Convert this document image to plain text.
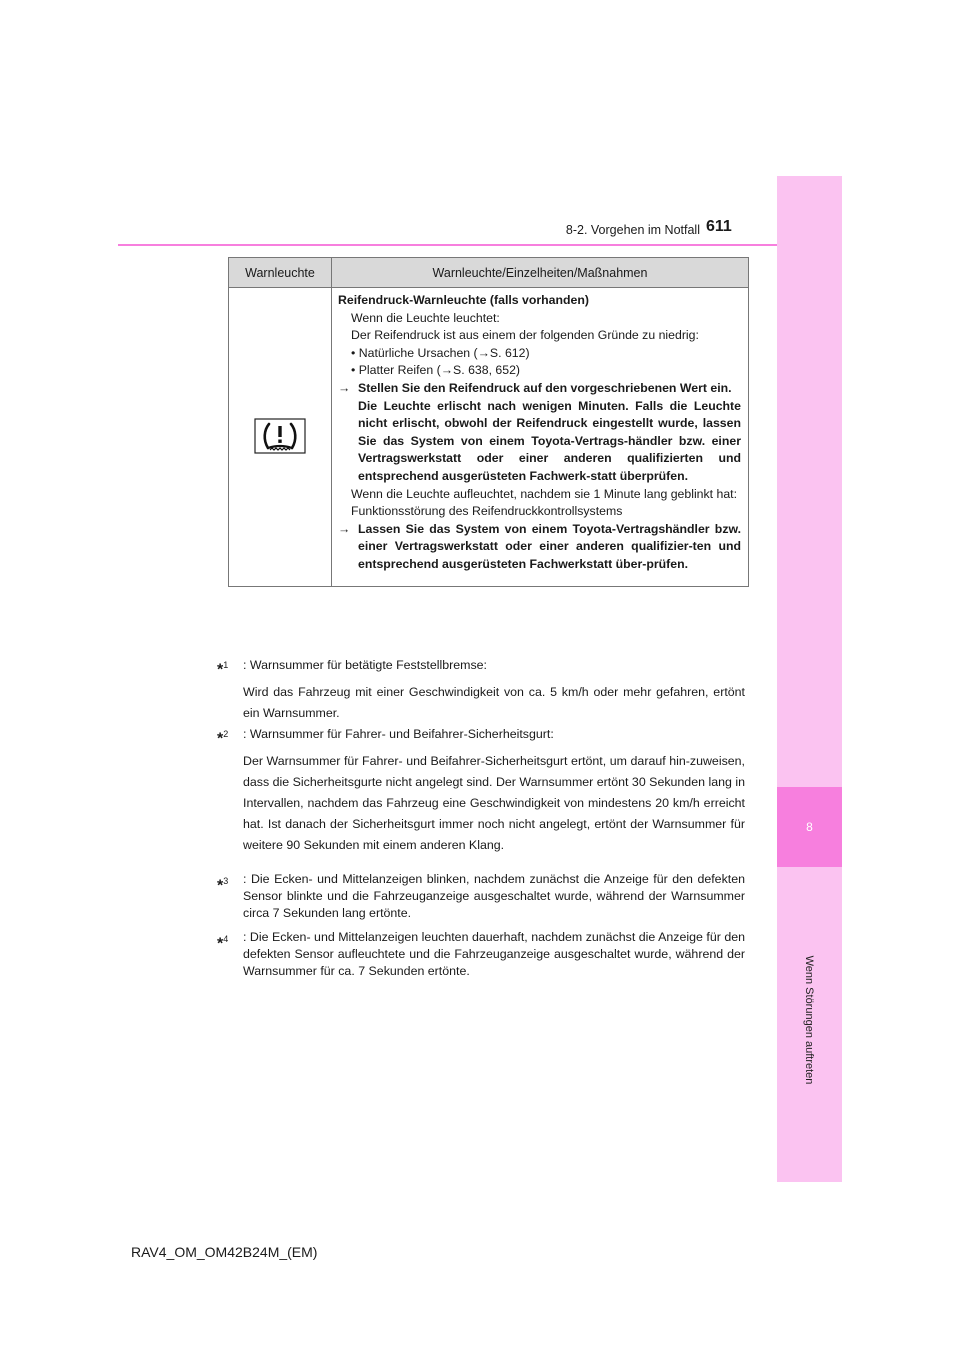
8
Wenn Störungen auftreten
8-2. Vorgehen im Notfall 611
Warnleuchte	Warnleuchte/Einzelheiten/Maßnahmen

Reifendruck-Warnleuchte (falls vorhanden)
Wenn die Leuchte leuchtet:
Der Reifendruck ist aus einem der folgenden Gründe zu niedrig:
• Natürliche Ursachen (→S. 612)
• Platter Reifen (→S. 638, 652)
→ Stellen Sie den Reifendruck auf den vorgeschriebenen Wert ein.
Die Leuchte erlischt nach wenigen Minuten. Falls die Leuchte nicht erlischt, obwohl der Reifendruck eingestellt wurde, lassen Sie das System von einem Toyota-Vertrags-händler bzw. einer Vertragswerkstatt oder einer anderen qualifizierten und entsprechend ausgerüsteten Fachwerk-statt überprüfen.
Wenn die Leuchte aufleuchtet, nachdem sie 1 Minute lang geblinkt hat:
Funktionsstörung des Reifendruckkontrollsystems
→ Lassen Sie das System von einem Toyota-Vertragshändler bzw. einer Vertragswerkstatt oder einer anderen qualifizier-ten und entsprechend ausgerüsteten Fachwerkstatt über-prüfen.
*$^1$	: Warnsummer für betätigte Feststellbremse:
Wird das Fahrzeug mit einer Geschwindigkeit von ca. 5 km/h oder mehr gefahren, ertönt ein Warnsummer.
*$^2$	: Warnsummer für Fahrer- und Beifahrer-Sicherheitsgurt:
Der Warnsummer für Fahrer- und Beifahrer-Sicherheitsgurt ertönt, um darauf hin-zuweisen, dass die Sicherheitsgurte nicht angelegt sind. Der Warnsummer ertönt 30 Sekunden lang in Intervallen, nachdem das Fahrzeug eine Geschwindigkeit von mindestens 20 km/h erreicht hat. Ist danach der Sicherheitsgurt immer noch nicht angelegt, ertönt der Warnsummer für weitere 90 Sekunden mit einem anderen Klang.
*$^3$	: Die Ecken- und Mittelanzeigen blinken, nachdem zunächst die Anzeige für den defekten Sensor blinkte und die Fahrzeuganzeige ausgeschaltet wurde, während der Warnsummer circa 7 Sekunden lang ertönte.
*$^4$	: Die Ecken- und Mittelanzeigen leuchten dauerhaft, nachdem zunächst die Anzeige für den defekten Sensor aufleuchtete und die Fahrzeuganzeige ausgeschaltet wurde, während der Warnsummer für ca. 7 Sekunden ertönte.
RAV4_OM_OM42B24M_(EM)
